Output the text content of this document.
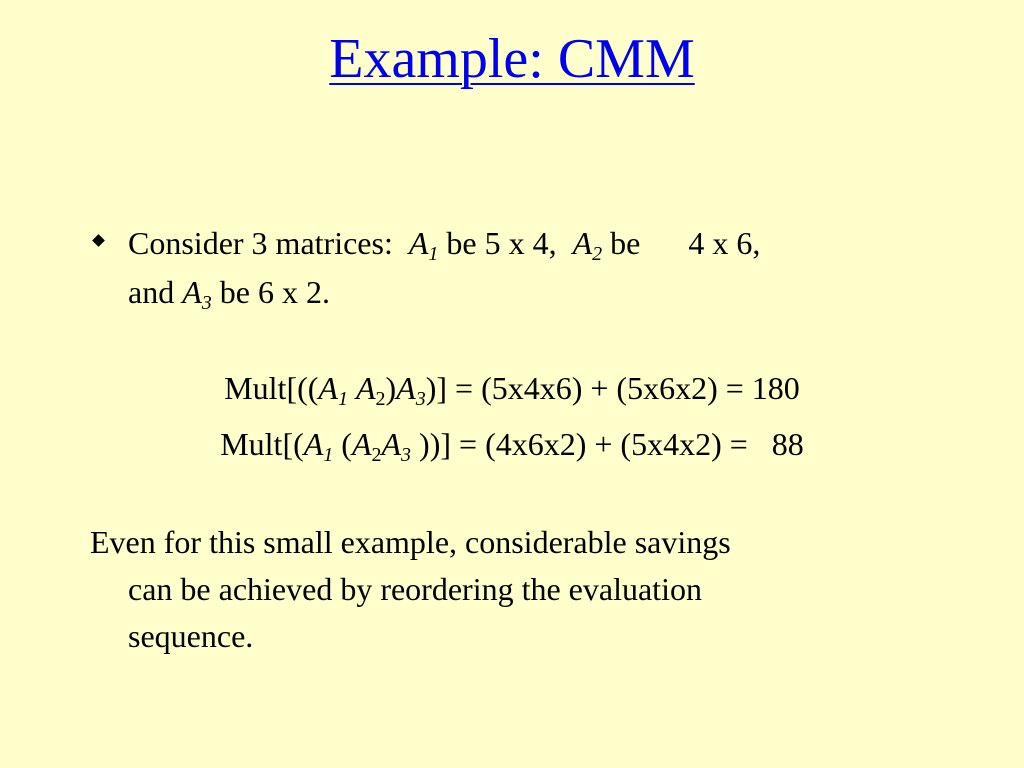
Example: CMM
Consider 3 matrices: $A_1$ be 5 x 4, $A_2$ be 4 x 6,
and $A_3$ be 6 x 2.
$Mult[((A_1$ $A_2)A_3)] = (5x4x6) + (5x6x2) = 180$
$Mult[(A_1$ ($A_2A_3$ ))] = (4x6x2) + (5x4x2) =   88
Even for this small example, considerable savings
can be achieved by reordering the evaluation
sequence.
